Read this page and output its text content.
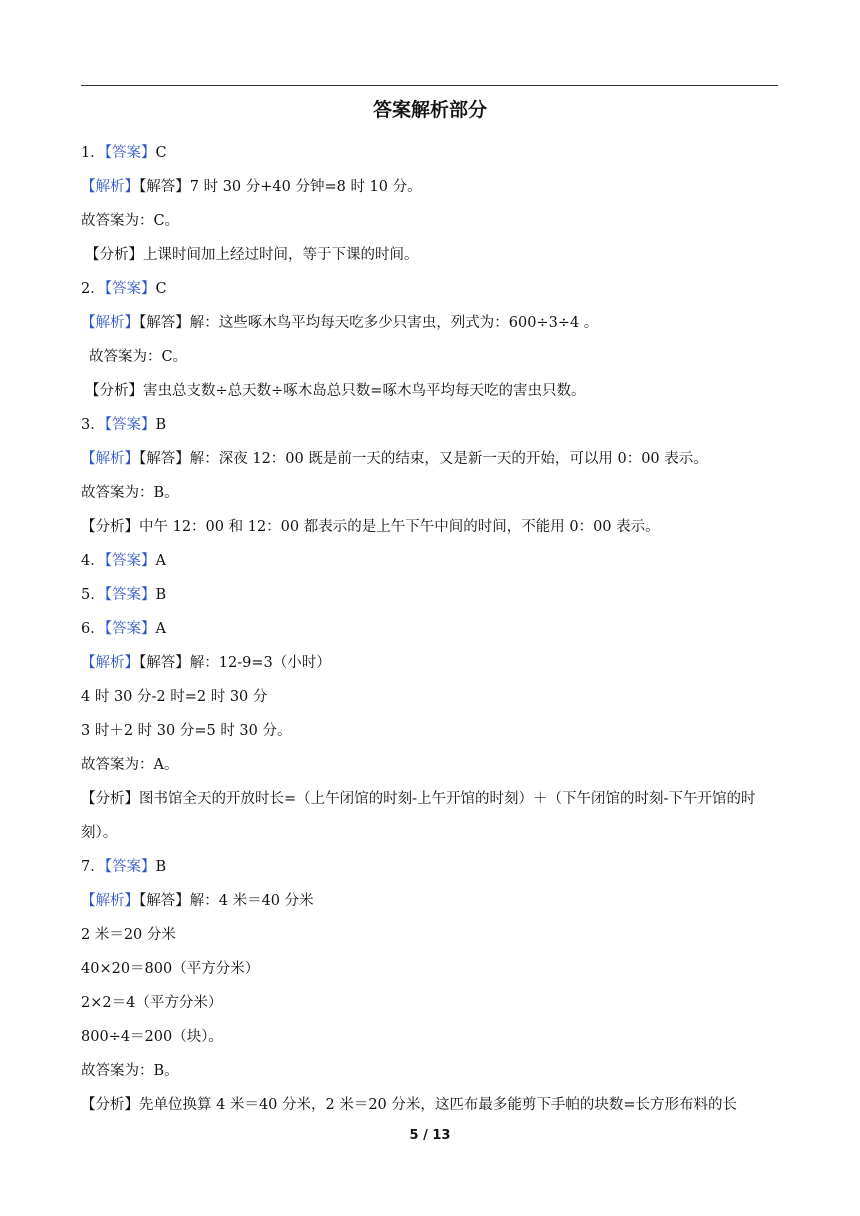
答案解析部分
1．【答案】C
【解析】【解答】7 时 30 分+40 分钟=8 时 10 分。
故答案为：C。
【分析】上课时间加上经过时间，等于下课的时间。
2．【答案】C
【解析】【解答】解：这些啄木鸟平均每天吃多少只害虫，列式为：600÷3÷4 。
故答案为：C。
【分析】害虫总支数÷总天数÷啄木岛总只数=啄木鸟平均每天吃的害虫只数。
3．【答案】B
【解析】【解答】解：深夜 12：00 既是前一天的结束，又是新一天的开始，可以用 0：00 表示。
故答案为：B。
【分析】中午 12：00 和 12：00 都表示的是上午下午中间的时间，不能用 0：00 表示。
4．【答案】A
5．【答案】B
6．【答案】A
【解析】【解答】解：12-9=3（小时）
4 时 30 分-2 时=2 时 30 分
3 时＋2 时 30 分=5 时 30 分。
故答案为：A。
【分析】图书馆全天的开放时长=（上午闭馆的时刻-上午开馆的时刻）＋（下午闭馆的时刻-下午开馆的时刻）。
7．【答案】B
【解析】【解答】解：4 米＝40 分米
2 米＝20 分米
40×20＝800（平方分米）
2×2＝4（平方分米）
800÷4＝200（块）。
故答案为：B。
【分析】先单位换算 4 米＝40 分米，2 米＝20 分米，这匹布最多能剪下手帕的块数=长方形布料的长
5 / 13
